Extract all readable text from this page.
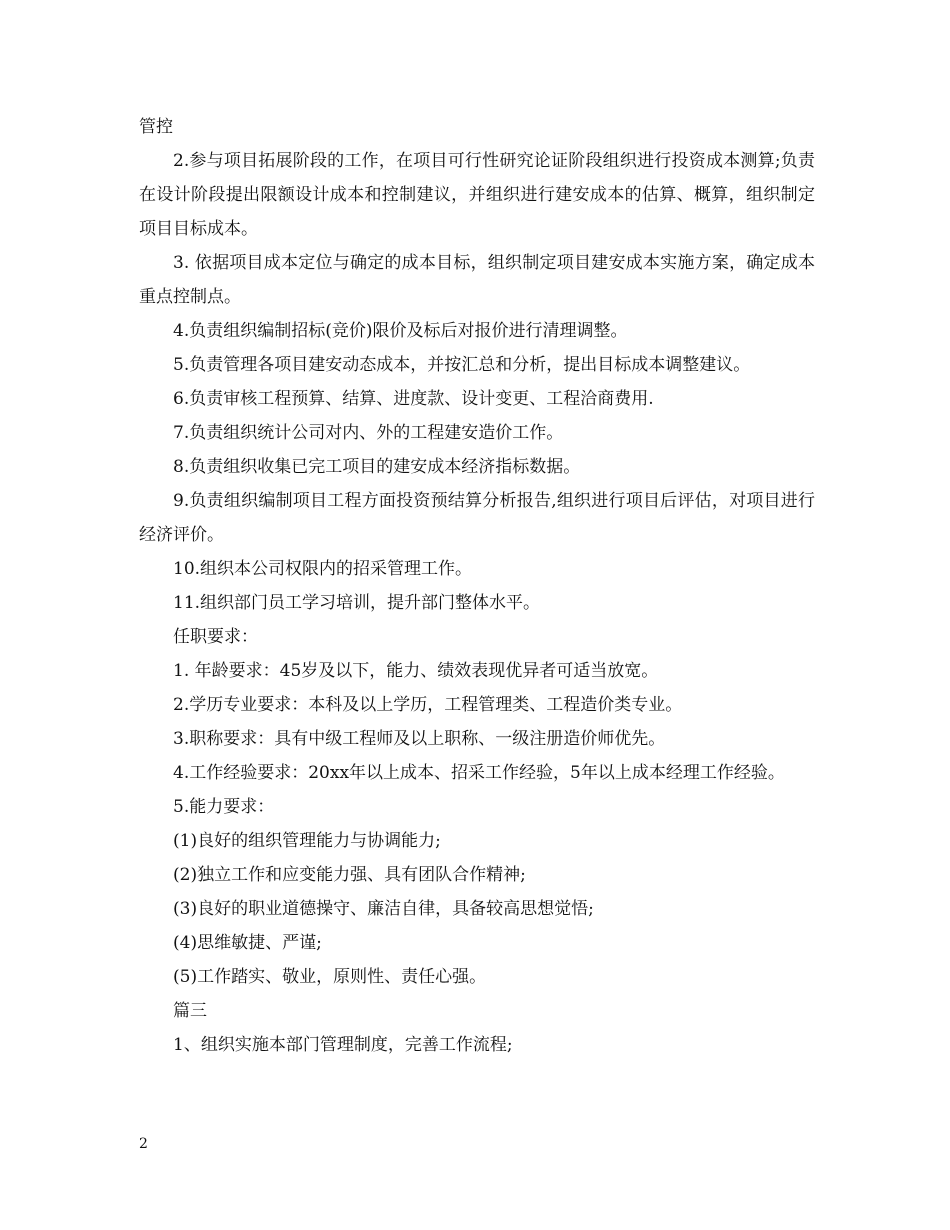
管控

2.参与项目拓展阶段的工作，在项目可行性研究论证阶段组织进行投资成本测算;负责在设计阶段提出限额设计成本和控制建议，并组织进行建安成本的估算、概算，组织制定项目目标成本。

3. 依据项目成本定位与确定的成本目标，组织制定项目建安成本实施方案，确定成本重点控制点。

4.负责组织编制招标(竞价)限价及标后对报价进行清理调整。

5.负责管理各项目建安动态成本，并按汇总和分析，提出目标成本调整建议。

6.负责审核工程预算、结算、进度款、设计变更、工程洽商费用.

7.负责组织统计公司对内、外的工程建安造价工作。

8.负责组织收集已完工项目的建安成本经济指标数据。

9.负责组织编制项目工程方面投资预结算分析报告,组织进行项目后评估，对项目进行经济评价。

10.组织本公司权限内的招采管理工作。

11.组织部门员工学习培训，提升部门整体水平。

任职要求：

1. 年龄要求：45岁及以下，能力、绩效表现优异者可适当放宽。

2.学历专业要求：本科及以上学历，工程管理类、工程造价类专业。

3.职称要求：具有中级工程师及以上职称、一级注册造价师优先。

4.工作经验要求：20xx年以上成本、招采工作经验，5年以上成本经理工作经验。

5.能力要求：

(1)良好的组织管理能力与协调能力;

(2)独立工作和应变能力强、具有团队合作精神;

(3)良好的职业道德操守、廉洁自律，具备较高思想觉悟;

(4)思维敏捷、严谨;

(5)工作踏实、敬业，原则性、责任心强。

篇三

1、组织实施本部门管理制度，完善工作流程;

2
